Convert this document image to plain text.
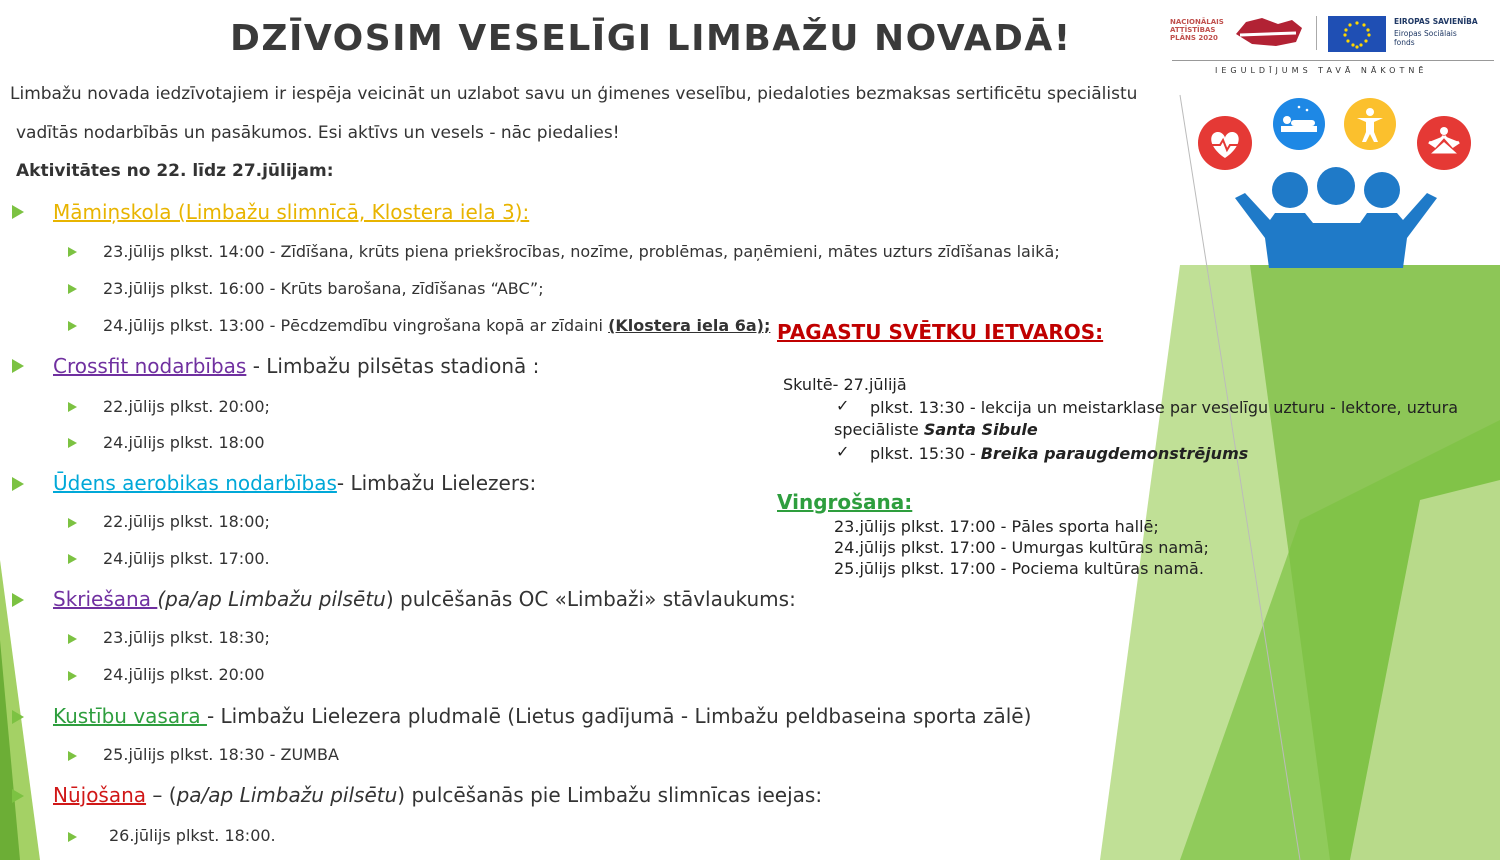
DZĪVOSIM VESELĪGI LIMBAŽU NOVADĀ!	NACIONĀLAIS
ATTĪSTĪBAS
PLĀNS 2020
EIROPAS SAVIENĪBA
Eiropas Sociālais
fonds
IEGULDĪJUMS TAVĀ NĀKOTNĒ
Limbažu novada iedzīvotajiem ir iespēja veicināt un uzlabot savu un ģimenes veselību, piedaloties bezmaksas sertificētu speciālistu
vadītās nodarbībās un pasākumos. Esi aktīvs un vesels - nāc piedalies!
Aktivitātes no 22. līdz 27.jūlijam:
Māmiņskola (Limbažu slimnīcā, Klostera iela 3):
23.jūlijs plkst. 14:00 - Zīdīšana, krūts piena priekšrocības, nozīme, problēmas, paņēmieni, mātes uzturs zīdīšanas laikā;
23.jūlijs plkst. 16:00 - Krūts barošana, zīdīšanas “ABC”;
24.jūlijs plkst. 13:00 - Pēcdzemdību vingrošana kopā ar zīdaini (Klostera iela 6a);
Crossfit nodarbības - Limbažu pilsētas stadionā :
22.jūlijs plkst. 20:00;
24.jūlijs plkst. 18:00
Ūdens aerobikas nodarbības- Limbažu Lielezers:
22.jūlijs plkst. 18:00;
24.jūlijs plkst. 17:00.
Skriešana (pa/ap Limbažu pilsētu) pulcēšanās OC «Limbaži» stāvlaukums:
23.jūlijs plkst. 18:30;
24.jūlijs plkst. 20:00
Kustību vasara - Limbažu Lielezera pludmalē (Lietus gadījumā - Limbažu peldbaseina sporta zālē)
25.jūlijs plkst. 18:30 - ZUMBA
Nūjošana – (pa/ap Limbažu pilsētu) pulcēšanās pie Limbažu slimnīcas ieejas:
26.jūlijs plkst. 18:00.
PAGASTU SVĒTKU IETVAROS:
Skultē- 27.jūlijā
✓ plkst. 13:30 - lekcija un meistarklase par veselīgu uzturu - lektore, uztura
speciāliste Santa Sibule
✓ plkst. 15:30 - Breika paraugdemonstrējums
Vingrošana:
23.jūlijs plkst. 17:00 - Pāles sporta hallē;
24.jūlijs plkst. 17:00 - Umurgas kultūras namā;
25.jūlijs plkst. 17:00 - Pociema kultūras namā.
